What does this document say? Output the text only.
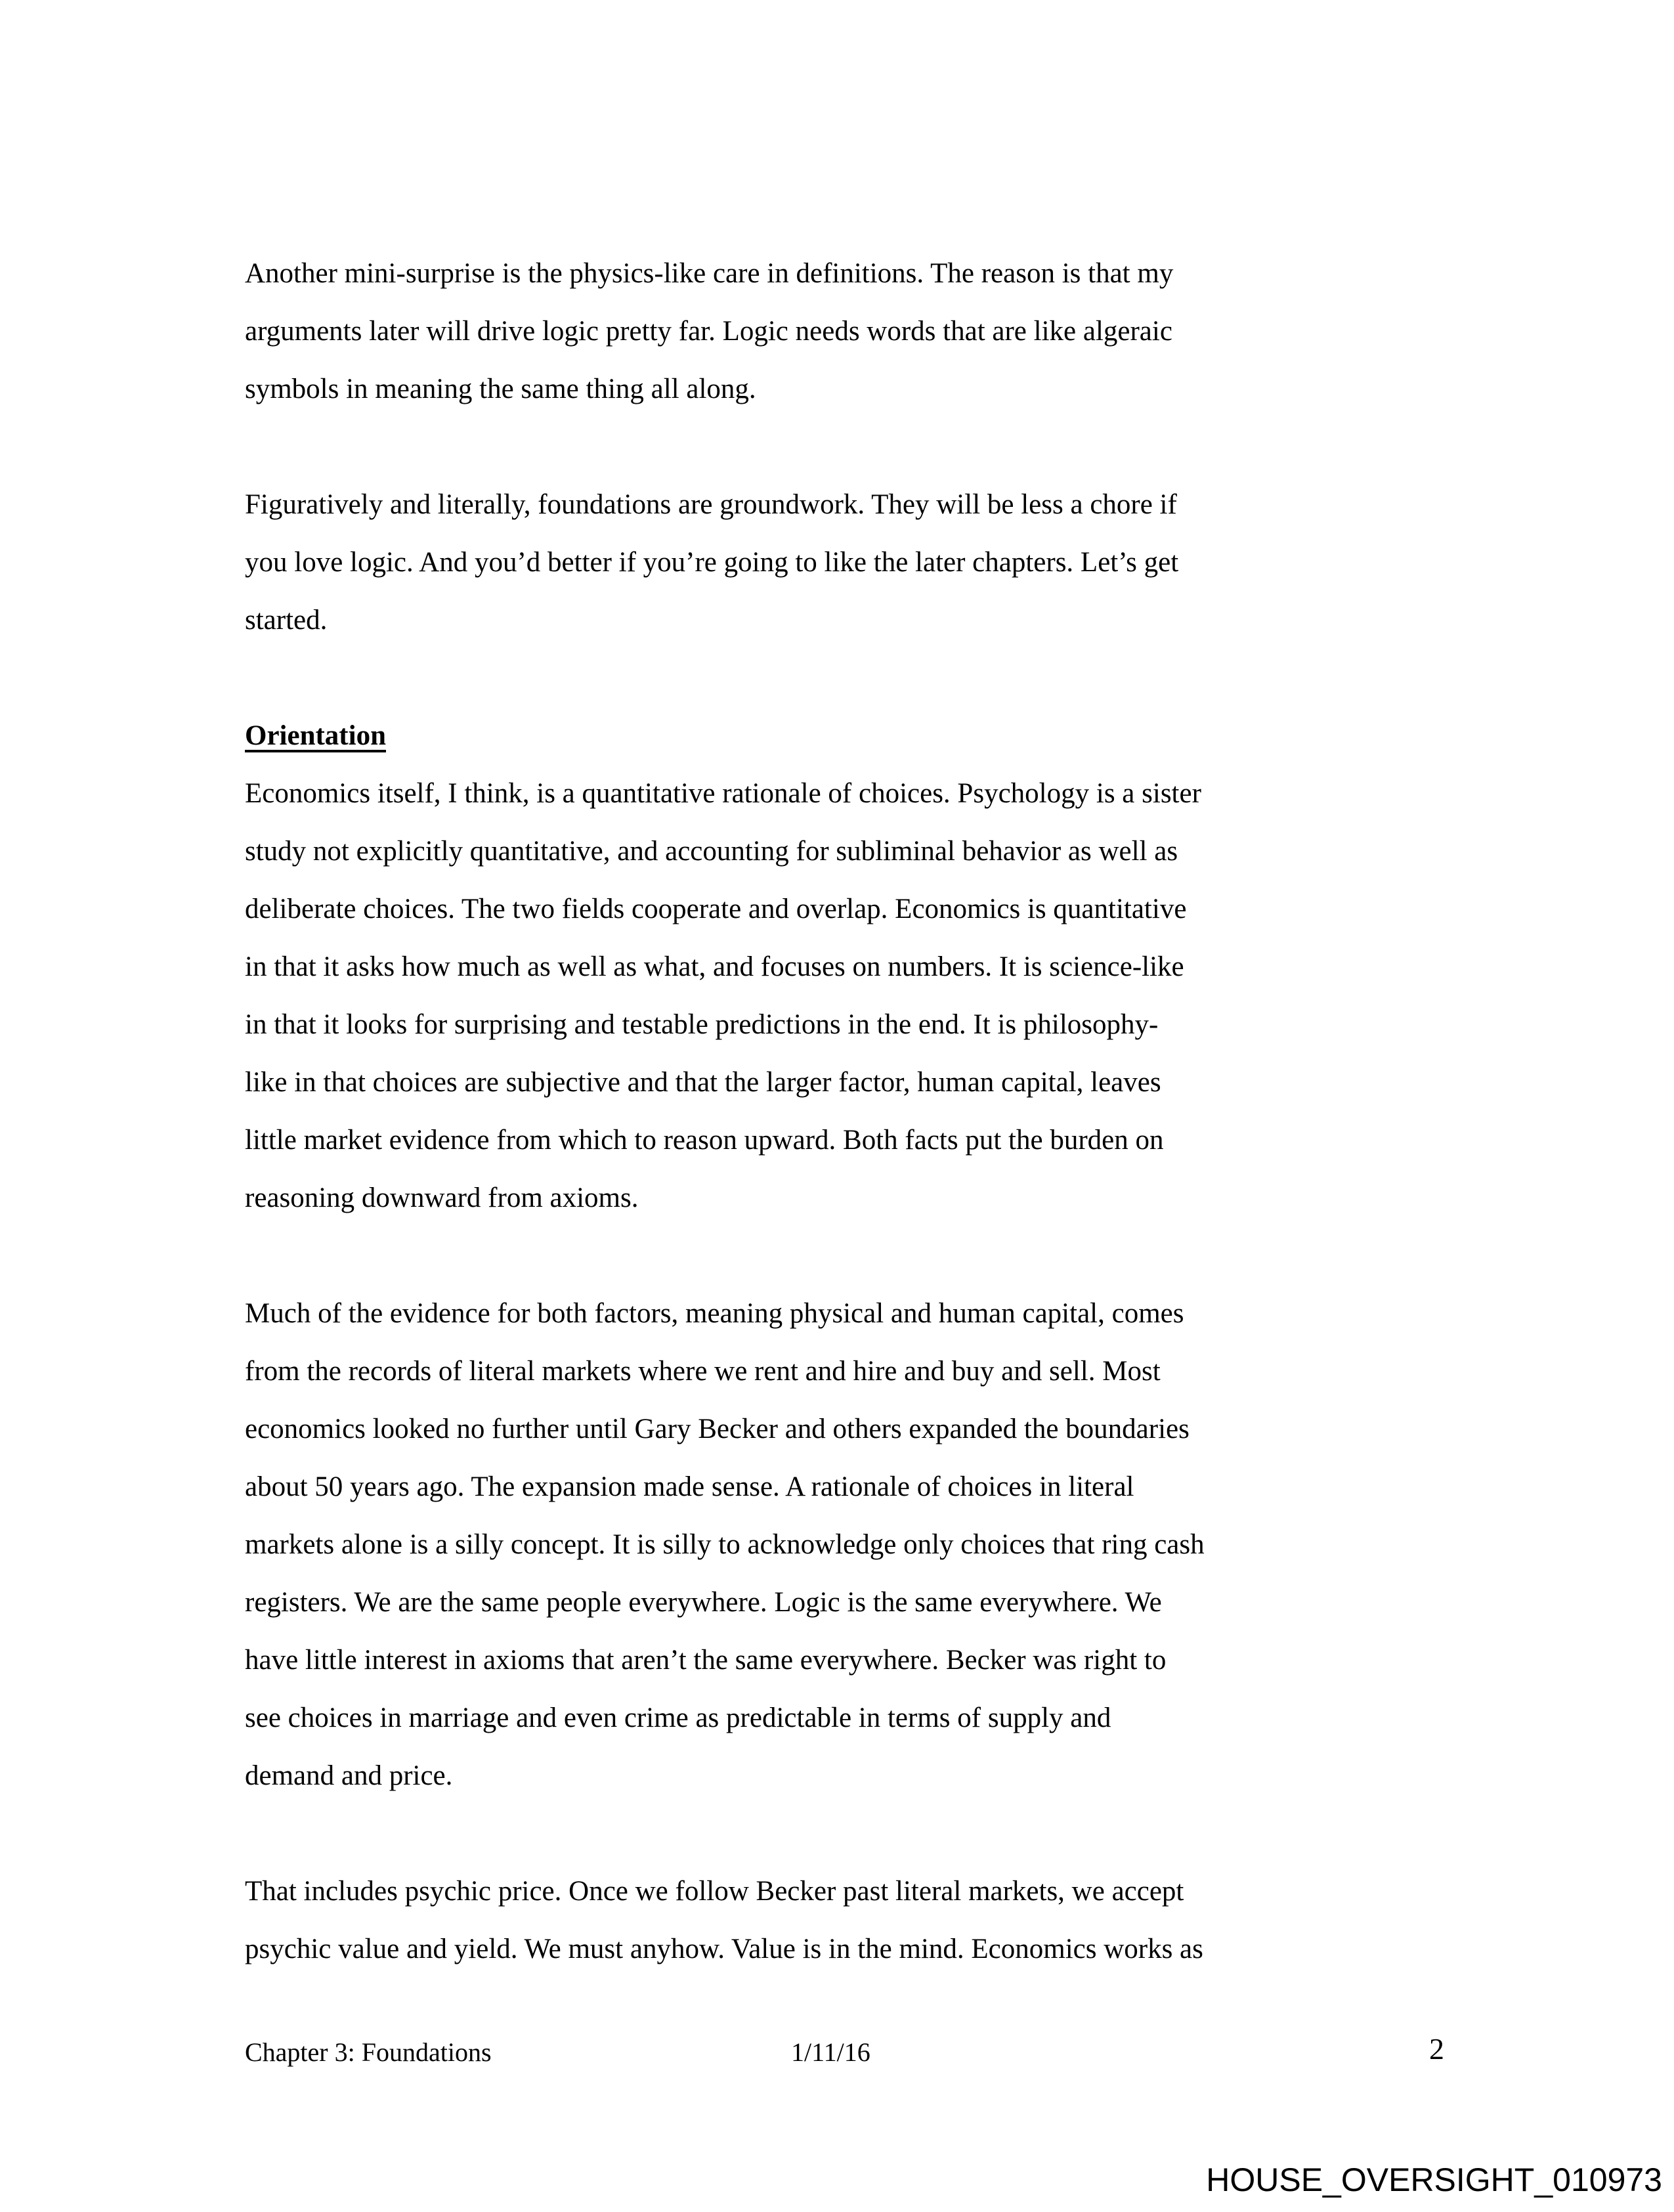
Another mini-surprise is the physics-like care in definitions. The reason is that my
arguments later will drive logic pretty far. Logic needs words that are like algeraic
symbols in meaning the same thing all along.
Figuratively and literally, foundations are groundwork. They will be less a chore if
you love logic. And you’d better if you’re going to like the later chapters. Let’s get
started.
Orientation
Economics itself, I think, is a quantitative rationale of choices. Psychology is a sister
study not explicitly quantitative, and accounting for subliminal behavior as well as
deliberate choices. The two fields cooperate and overlap. Economics is quantitative
in that it asks how much as well as what, and focuses on numbers. It is science-like
in that it looks for surprising and testable predictions in the end. It is philosophy-
like in that choices are subjective and that the larger factor, human capital, leaves
little market evidence from which to reason upward. Both facts put the burden on
reasoning downward from axioms.
Much of the evidence for both factors, meaning physical and human capital, comes
from the records of literal markets where we rent and hire and buy and sell. Most
economics looked no further until Gary Becker and others expanded the boundaries
about 50 years ago. The expansion made sense. A rationale of choices in literal
markets alone is a silly concept. It is silly to acknowledge only choices that ring cash
registers. We are the same people everywhere. Logic is the same everywhere. We
have little interest in axioms that aren’t the same everywhere. Becker was right to
see choices in marriage and even crime as predictable in terms of supply and
demand and price.
That includes psychic price. Once we follow Becker past literal markets, we accept
psychic value and yield. We must anyhow. Value is in the mind. Economics works as
Chapter 3: Foundations	1/11/16	2
HOUSE_OVERSIGHT_010973
